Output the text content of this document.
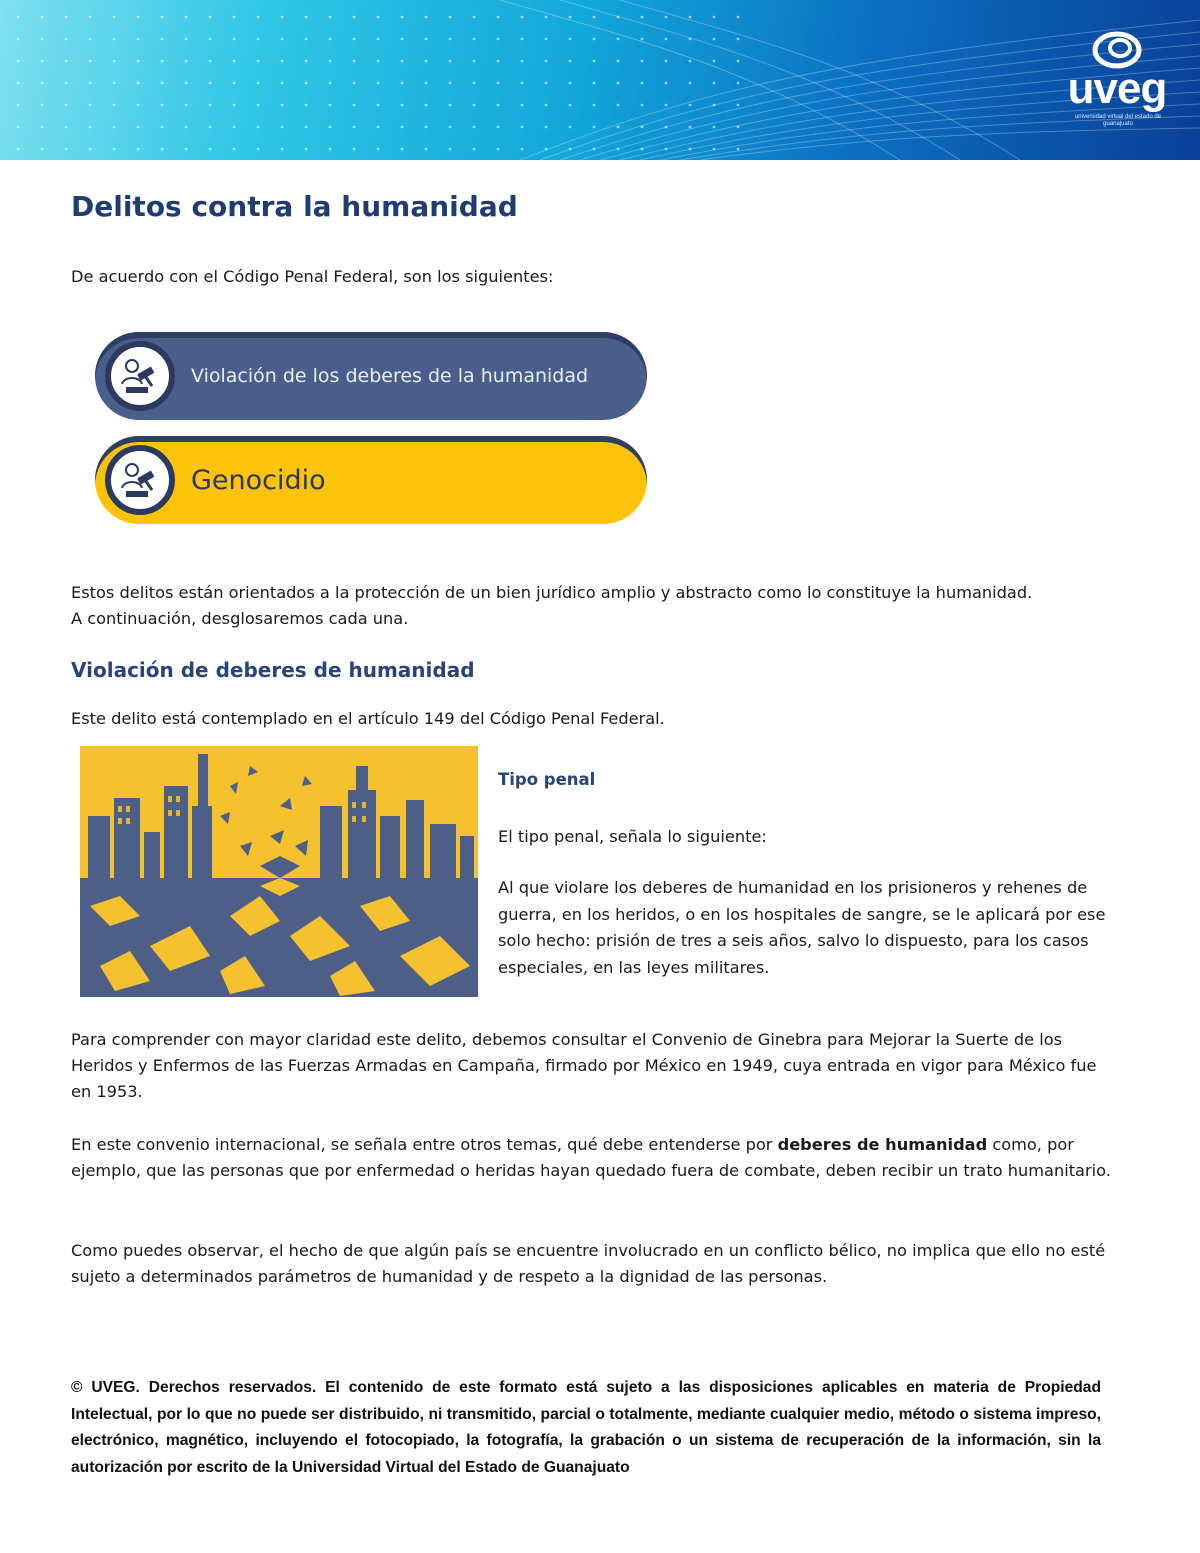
uveg
universidad virtual del estado de guanajuato
Delitos contra la humanidad

De acuerdo con el Código Penal Federal, son los siguientes:

Violación de los deberes de la humanidad
Genocidio

Estos delitos están orientados a la protección de un bien jurídico amplio y abstracto como lo constituye la humanidad.

A continuación, desglosaremos cada una.

Violación de deberes de humanidad

Este delito está contemplado en el artículo 149 del Código Penal Federal.

Tipo penal

El tipo penal, señala lo siguiente:

Al que violare los deberes de humanidad en los prisioneros y rehenes de guerra, en los heridos, o en los hospitales de sangre, se le aplicará por ese solo hecho: prisión de tres a seis años, salvo lo dispuesto, para los casos especiales, en las leyes militares.

Para comprender con mayor claridad este delito, debemos consultar el Convenio de Ginebra para Mejorar la Suerte de los Heridos y Enfermos de las Fuerzas Armadas en Campaña, firmado por México en 1949, cuya entrada en vigor para México fue en 1953.

En este convenio internacional, se señala entre otros temas, qué debe entenderse por deberes de humanidad como, por ejemplo, que las personas que por enfermedad o heridas hayan quedado fuera de combate, deben recibir un trato humanitario.

Como puedes observar, el hecho de que algún país se encuentre involucrado en un conflicto bélico, no implica que ello no esté sujeto a determinados parámetros de humanidad y de respeto a la dignidad de las personas.

© UVEG. Derechos reservados. El contenido de este formato está sujeto a las disposiciones aplicables en materia de Propiedad Intelectual, por lo que no puede ser distribuido, ni transmitido, parcial o totalmente, mediante cualquier medio, método o sistema impreso, electrónico, magnético, incluyendo el fotocopiado, la fotografía, la grabación o un sistema de recuperación de la información, sin la autorización por escrito de la Universidad Virtual del Estado de Guanajuato
